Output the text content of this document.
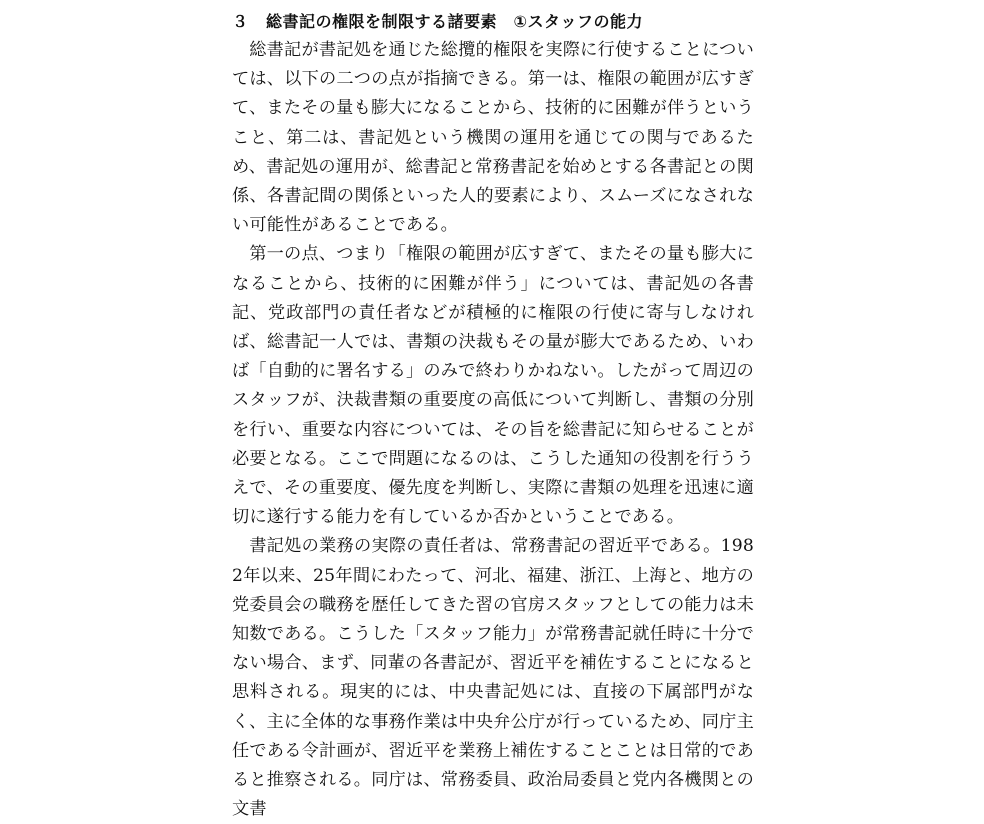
３ 総書記の権限を制限する諸要素　①スタッフの能力

総書記が書記処を通じた総攬的権限を実際に行使することについては、以下の二つの点が指摘できる。第一は、権限の範囲が広すぎて、またその量も膨大になることから、技術的に困難が伴うということ、第二は、書記処という機関の運用を通じての関与であるため、書記処の運用が、総書記と常務書記を始めとする各書記との関係、各書記間の関係といった人的要素により、スムーズになされない可能性があることである。

第一の点、つまり「権限の範囲が広すぎて、またその量も膨大になることから、技術的に困難が伴う」については、書記処の各書記、党政部門の責任者などが積極的に権限の行使に寄与しなければ、総書記一人では、書類の決裁もその量が膨大であるため、いわば「自動的に署名する」のみで終わりかねない。したがって周辺のスタッフが、決裁書類の重要度の高低について判断し、書類の分別を行い、重要な内容については、その旨を総書記に知らせることが必要となる。ここで問題になるのは、こうした通知の役割を行ううえで、その重要度、優先度を判断し、実際に書類の処理を迅速に適切に遂行する能力を有しているか否かということである。

書記処の業務の実際の責任者は、常務書記の習近平である。1982年以来、25年間にわたって、河北、福建、浙江、上海と、地方の党委員会の職務を歴任してきた習の官房スタッフとしての能力は未知数である。こうした「スタッフ能力」が常務書記就任時に十分でない場合、まず、同輩の各書記が、習近平を補佐することになると思料される。現実的には、中央書記処には、直接の下属部門がなく、主に全体的な事務作業は中央弁公庁が行っているため、同庁主任である令計画が、習近平を業務上補佐することことは日常的であると推察される。同庁は、常務委員、政治局委員と党内各機関との文書
